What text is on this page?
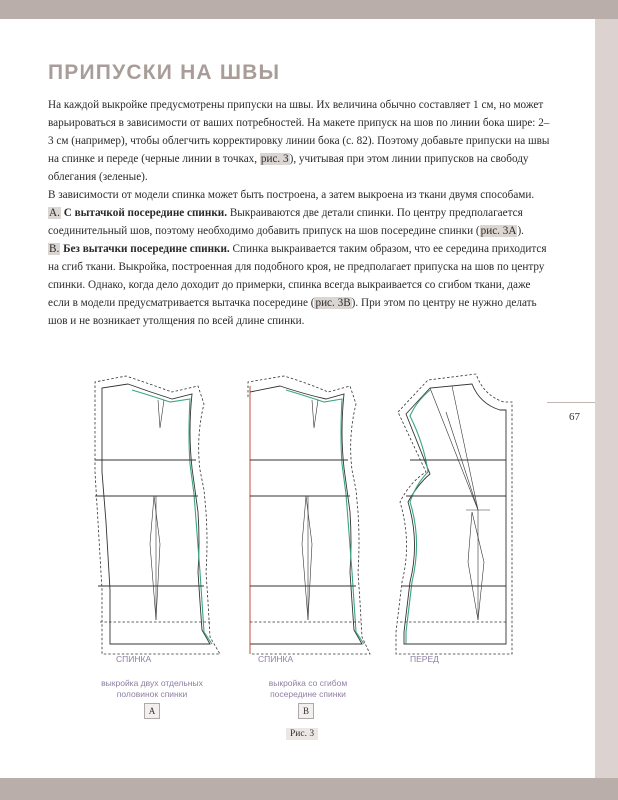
67
ПРИПУСКИ НА ШВЫ

На каждой выкройке предусмотрены припуски на швы. Их величина обычно составляет 1 см, но может варьироваться в зависимости от ваших потребностей. На макете припуск на шов по линии бока шире: 2–3 см (например), чтобы облегчить корректировку линии бока (с. 82). Поэтому добавьте припуски на швы на спинке и переде (черные линии в точках, рис. 3), учитывая при этом линии припусков на свободу облегания (зеленые).

В зависимости от модели спинка может быть построена, а затем выкроена из ткани двумя способами.

A. С вытачкой посередине спинки. Выкраиваются две детали спинки. По центру предполагается соединительный шов, поэтому необходимо добавить припуск на шов посередине спинки (рис. 3A).

B. Без вытачки посередине спинки. Спинка выкраивается таким образом, что ее середина приходится на сгиб ткани. Выкройка, построенная для подобного кроя, не предполагает припуска на шов по центру спинки. Однако, когда дело доходит до примерки, спинка всегда выкраивается со сгибом ткани, даже если в модели предусматривается вытачка посередине (рис. 3B). При этом по центру не нужно делать шов и не возникает утолщения по всей длине спинки.

СПИНКА	СПИНКА	ПЕРЕД
выкройка двух отдельных половинок спинки
выкройка со сгибом посередине спинки
A	B
Рис. 3
